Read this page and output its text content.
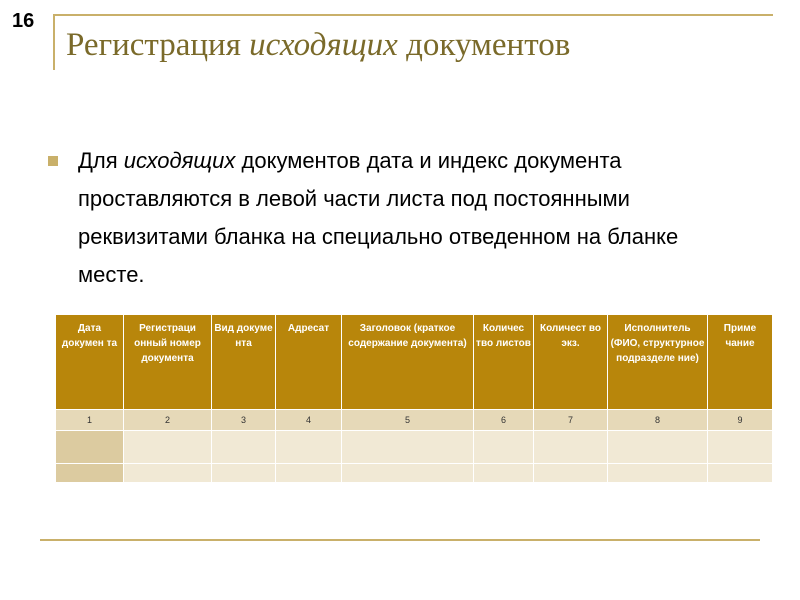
16
Регистрация исходящих документов
Для исходящих документов дата и индекс документа проставляются в левой части листа под постоянными реквизитами бланка на специально отведенном на бланке месте.
Дата докумен та	Регистраци онный номер документа	Вид докуме нта	Адресат	Заголовок (краткое содержание документа)	Количес тво листов	Количест во экз.	Исполнитель (ФИО, структурное подразделе ние)	Приме чание
1	2	3	4	5	6	7	8	9
